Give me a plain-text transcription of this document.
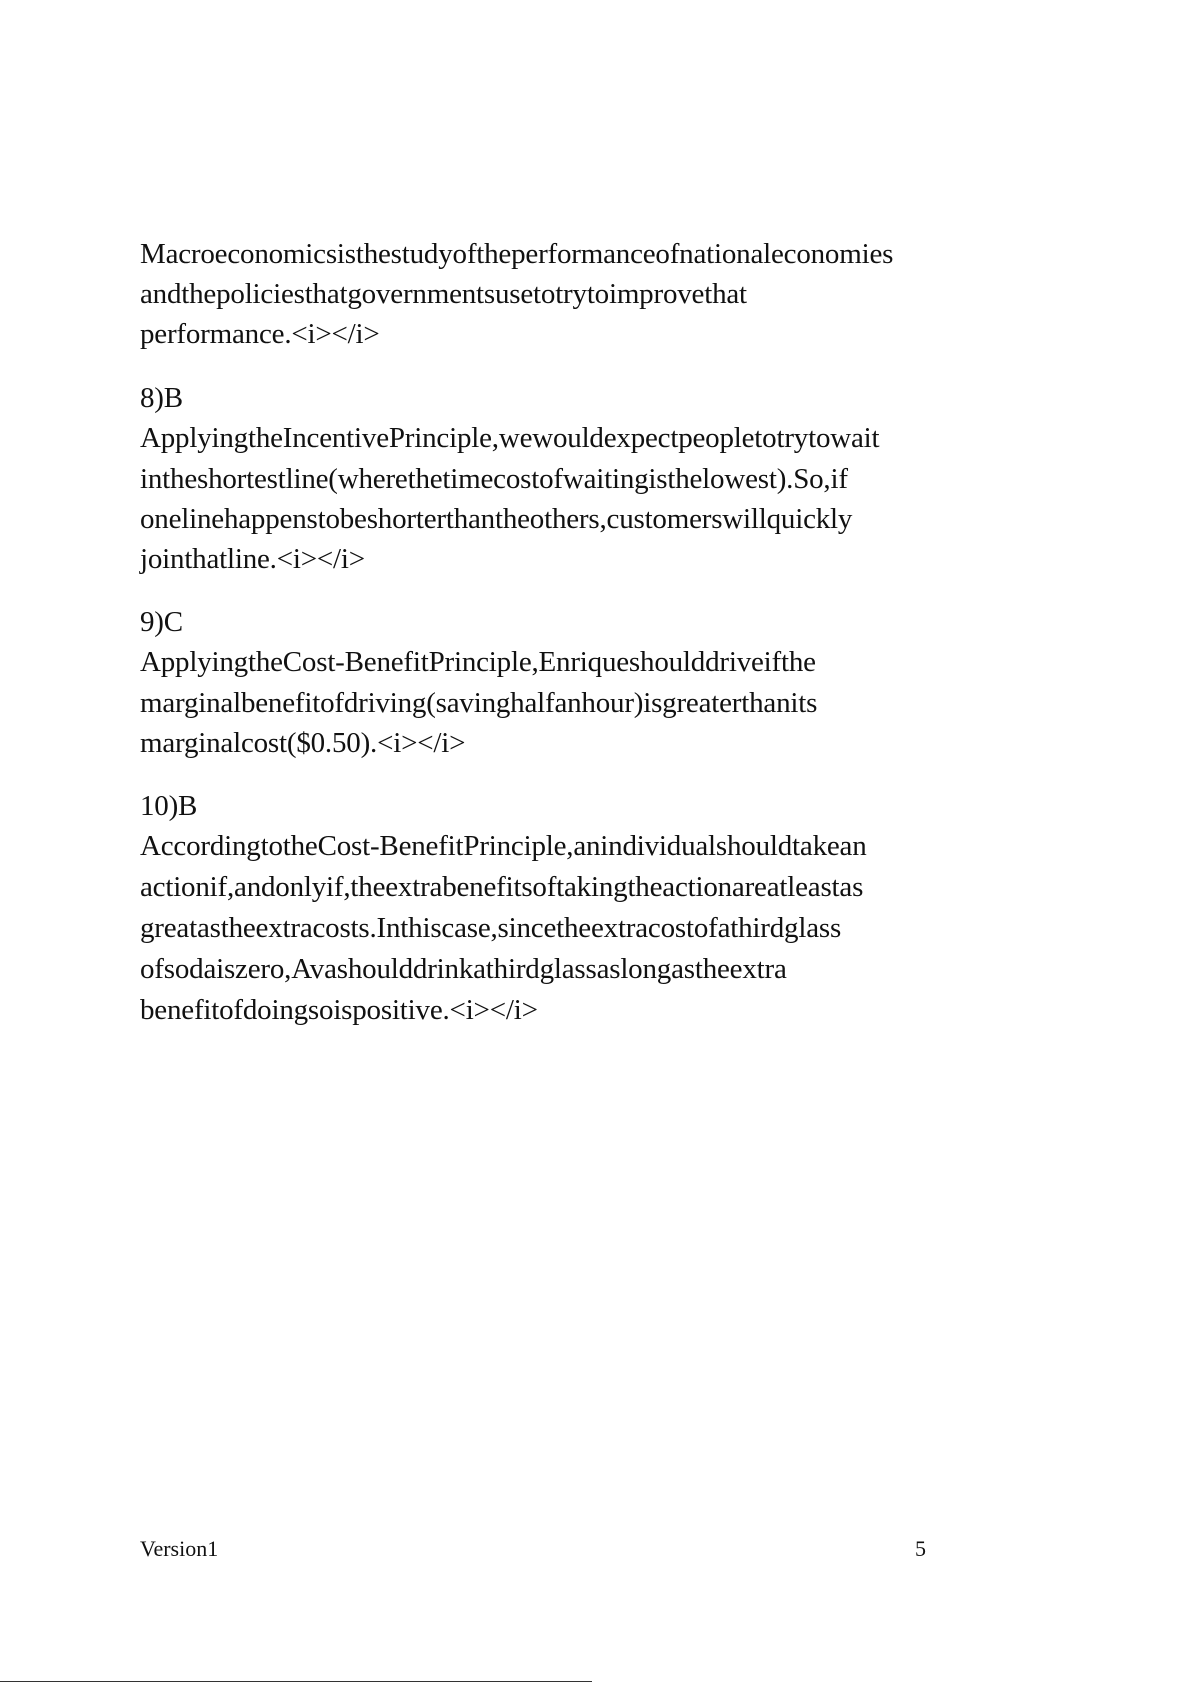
Macroeconomicsisthestudyoftheperformanceofnationaleconomies
andthepoliciesthatgovernmentsusetotrytoimprovethat
performance.<i></i>
8)B
ApplyingtheIncentivePrinciple,wewouldexpectpeopletotrytowait
intheshortestline(wherethetimecostofwaitingisthelowest).So,if
onelinehappenstobeshorterthantheothers,customerswillquickly
jointhatline.<i></i>
9)C
ApplyingtheCost-BenefitPrinciple,Enriqueshoulddriveifthe
marginalbenefitofdriving(savinghalfanhour)isgreaterthanits
marginalcost($0.50).<i></i>
10)B
AccordingtotheCost-BenefitPrinciple,anindividualshouldtakean
actionif,andonlyif,theextrabenefitsoftakingtheactionareatleastas
greatastheextracosts.Inthiscase,sincetheextracostofathirdglass
ofsodaiszero,Avashoulddrinkathirdglassaslongastheextra
benefitofdoingsoispositive.<i></i>
Version1	5
